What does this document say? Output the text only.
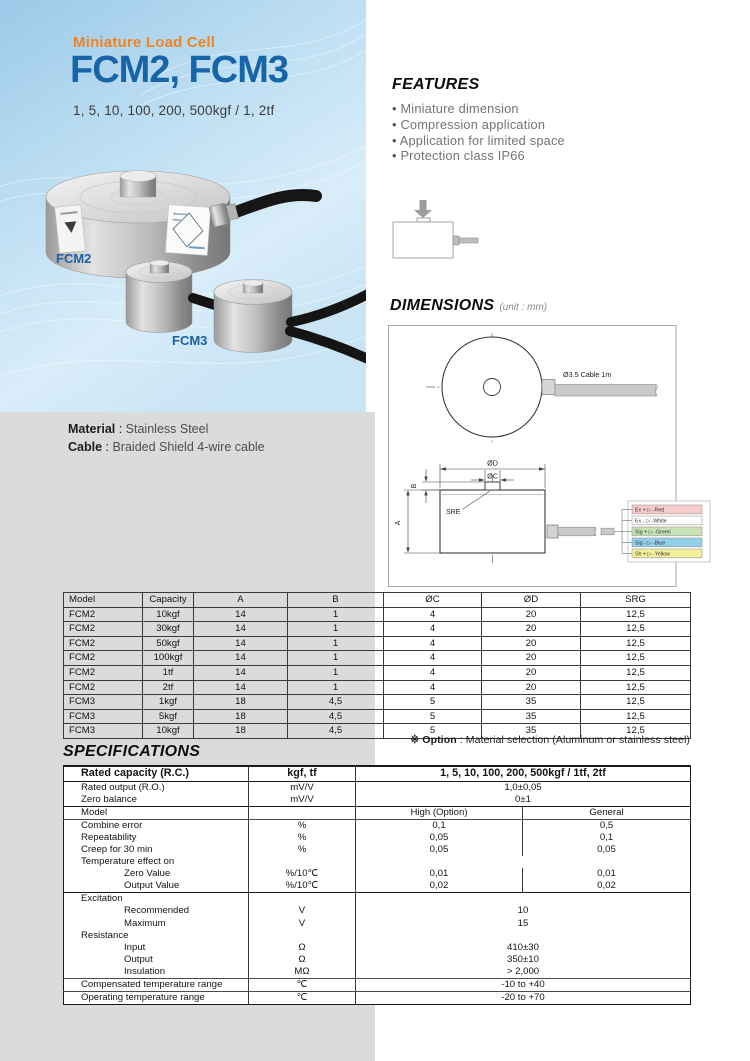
Miniature Load Cell
FCM2, FCM3
1, 5, 10, 100, 200, 500kgf / 1, 2tf
FCM2
FCM3
Material : Stainless Steel
Cable : Braided Shield 4-wire cable
FEATURES
• Miniature dimension
• Compression application
• Application for limited space
• Protection class IP66
DIMENSIONS (unit : mm)
Ø3.5 Cable 1m
ØD
ØC
B
A
SRE	Ex + ▷ -Red
Ex - ▷ -White
Sig + ▷ -Green
Sig - ▷ -Blue
Sh + ▷ -Yellow
Model	Capacity	A	B	ØC	ØD	SRG
FCM2	10kgf	14	1	4	20	12,5
FCM2	30kgf	14	1	4	20	12,5
FCM2	50kgf	14	1	4	20	12,5
FCM2	100kgf	14	1	4	20	12,5
FCM2	1tf	14	1	4	20	12,5
FCM2	2tf	14	1	4	20	12,5
FCM3	1kgf	18	4,5	5	35	12,5
FCM3	5kgf	18	4,5	5	35	12,5
FCM3	10kgf	18	4,5	5	35	12,5
※ Option : Material selection (Aluminum or stainless steel)
SPECIFICATIONS
Rated capacity (R.C.)	kgf, tf	1, 5, 10, 100, 200, 500kgf / 1tf, 2tf	
Rated output (R.O.)	mV/V	1,0±0,05	
Zero balance	mV/V	0±1	
Model		High (Option)	General
Combine error	%	0,1	0,5
Repeatability	%	0,05	0,1
Creep for 30 min	%	0,05	0,05
Temperature effect on			
Zero Value	%/10℃	0,01	0,01
Output Value	%/10℃	0,02	0,02
Excitation			
Recommended	V	10	
Maximum	V	15	
Resistance			
Input	Ω	410±30	
Output	Ω	350±10	
Insulation	MΩ	> 2,000	
Compensated temperature range	℃	-10 to +40	
Operating temperature range	℃	-20 to +70	
